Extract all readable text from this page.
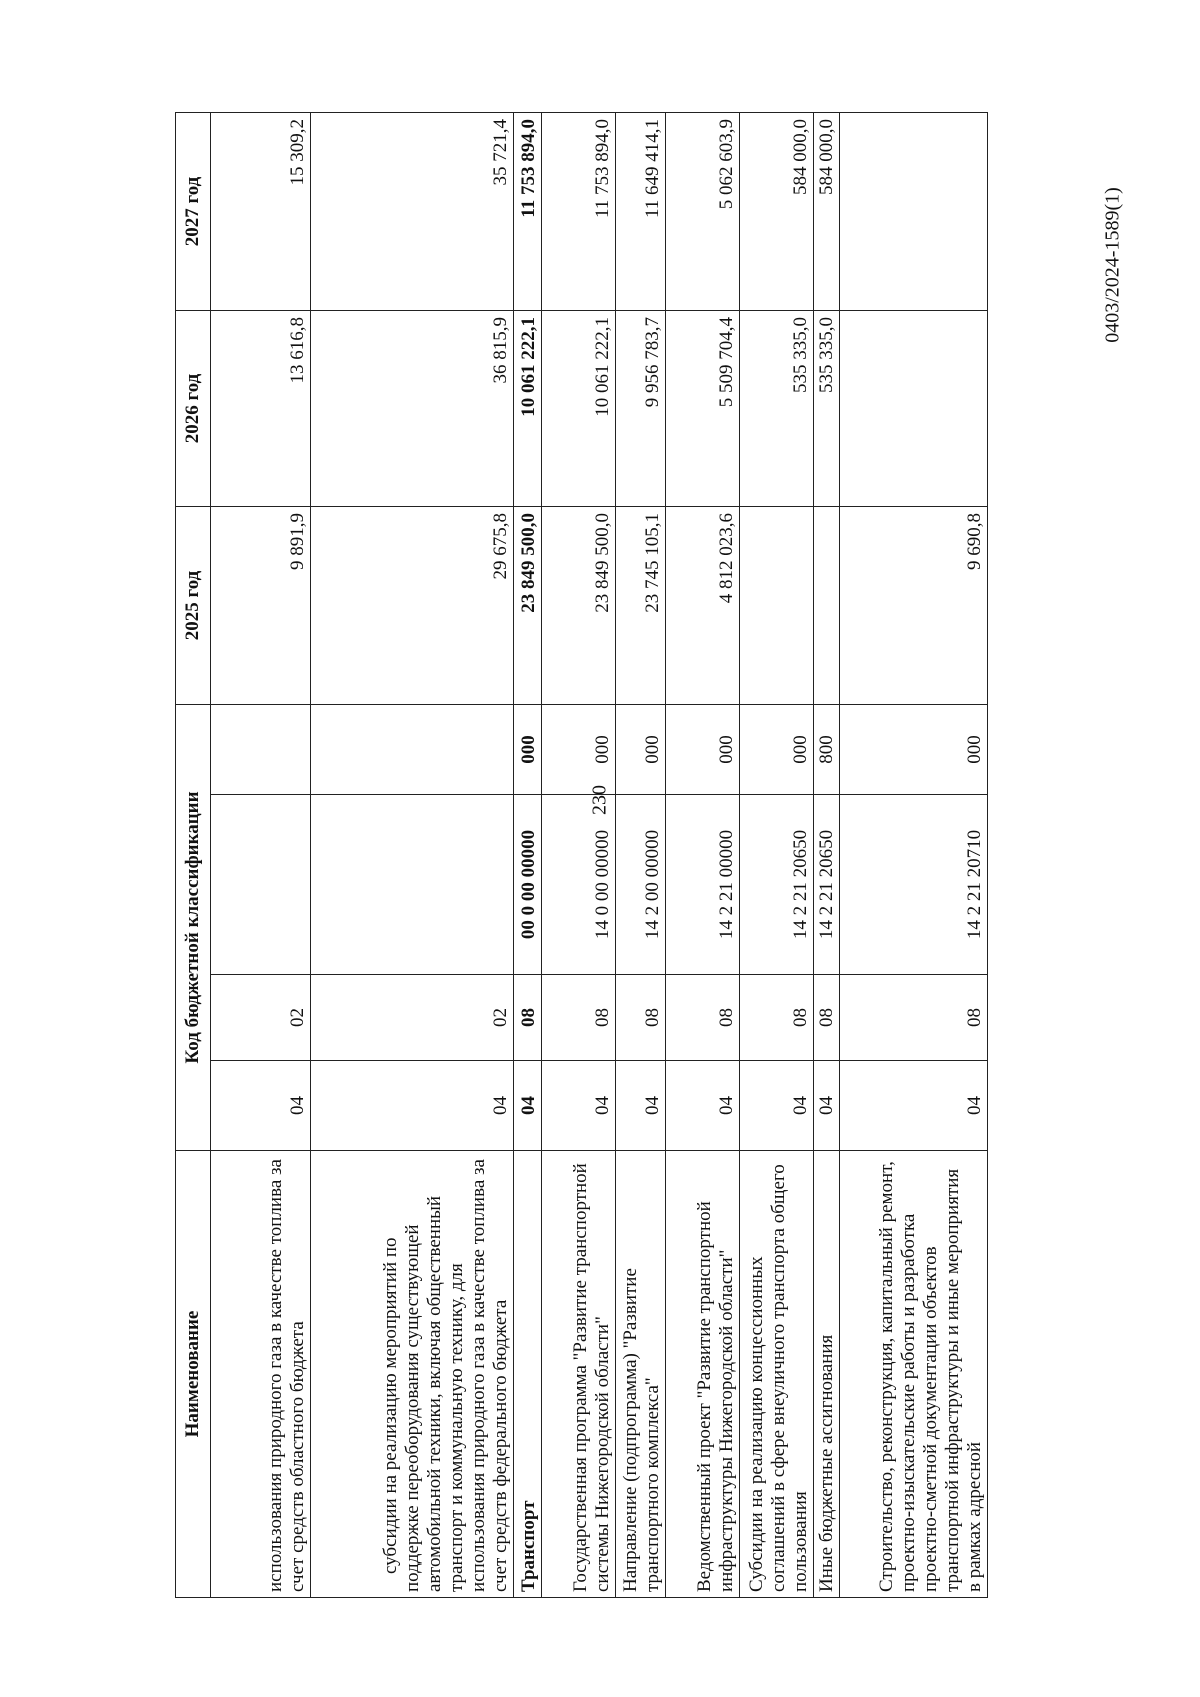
230
0403/2024-1589(1)
Наименование	Код бюджетной классификации				2025 год	2026 год	2027 год
использования природного газа в качестве топлива за счет средств областного бюджета	04	02			9 891,9	13 616,8	15 309,2
субсидии на реализацию мероприятий по поддержке переоборудования существующей автомобильной техники, включая общественный транспорт и коммунальную технику, для использования природного газа в качестве топлива за счет средств федерального бюджета	04	02			29 675,8	36 815,9	35 721,4
Транспорт	04	08	00 0 00 00000	000	23 849 500,0	10 061 222,1	11 753 894,0
Государственная программа "Развитие транспортной системы Нижегородской области"	04	08	14 0 00 00000	000	23 849 500,0	10 061 222,1	11 753 894,0
Направление (подпрограмма) "Развитие транспортного комплекса"	04	08	14 2 00 00000	000	23 745 105,1	9 956 783,7	11 649 414,1
Ведомственный проект "Развитие транспортной инфраструктуры Нижегородской области"	04	08	14 2 21 00000	000	4 812 023,6	5 509 704,4	5 062 603,9
Субсидии на реализацию концессионных соглашений в сфере внеуличного транспорта общего пользования	04	08	14 2 21 20650	000		535 335,0	584 000,0
Иные бюджетные ассигнования	04	08	14 2 21 20650	800		535 335,0	584 000,0
Строительство, реконструкция, капитальный ремонт, проектно-изыскательские работы и разработка проектно-сметной документации объектов транспортной инфраструктуры и иные мероприятия в рамках адресной	04	08	14 2 21 20710	000	9 690,8		
